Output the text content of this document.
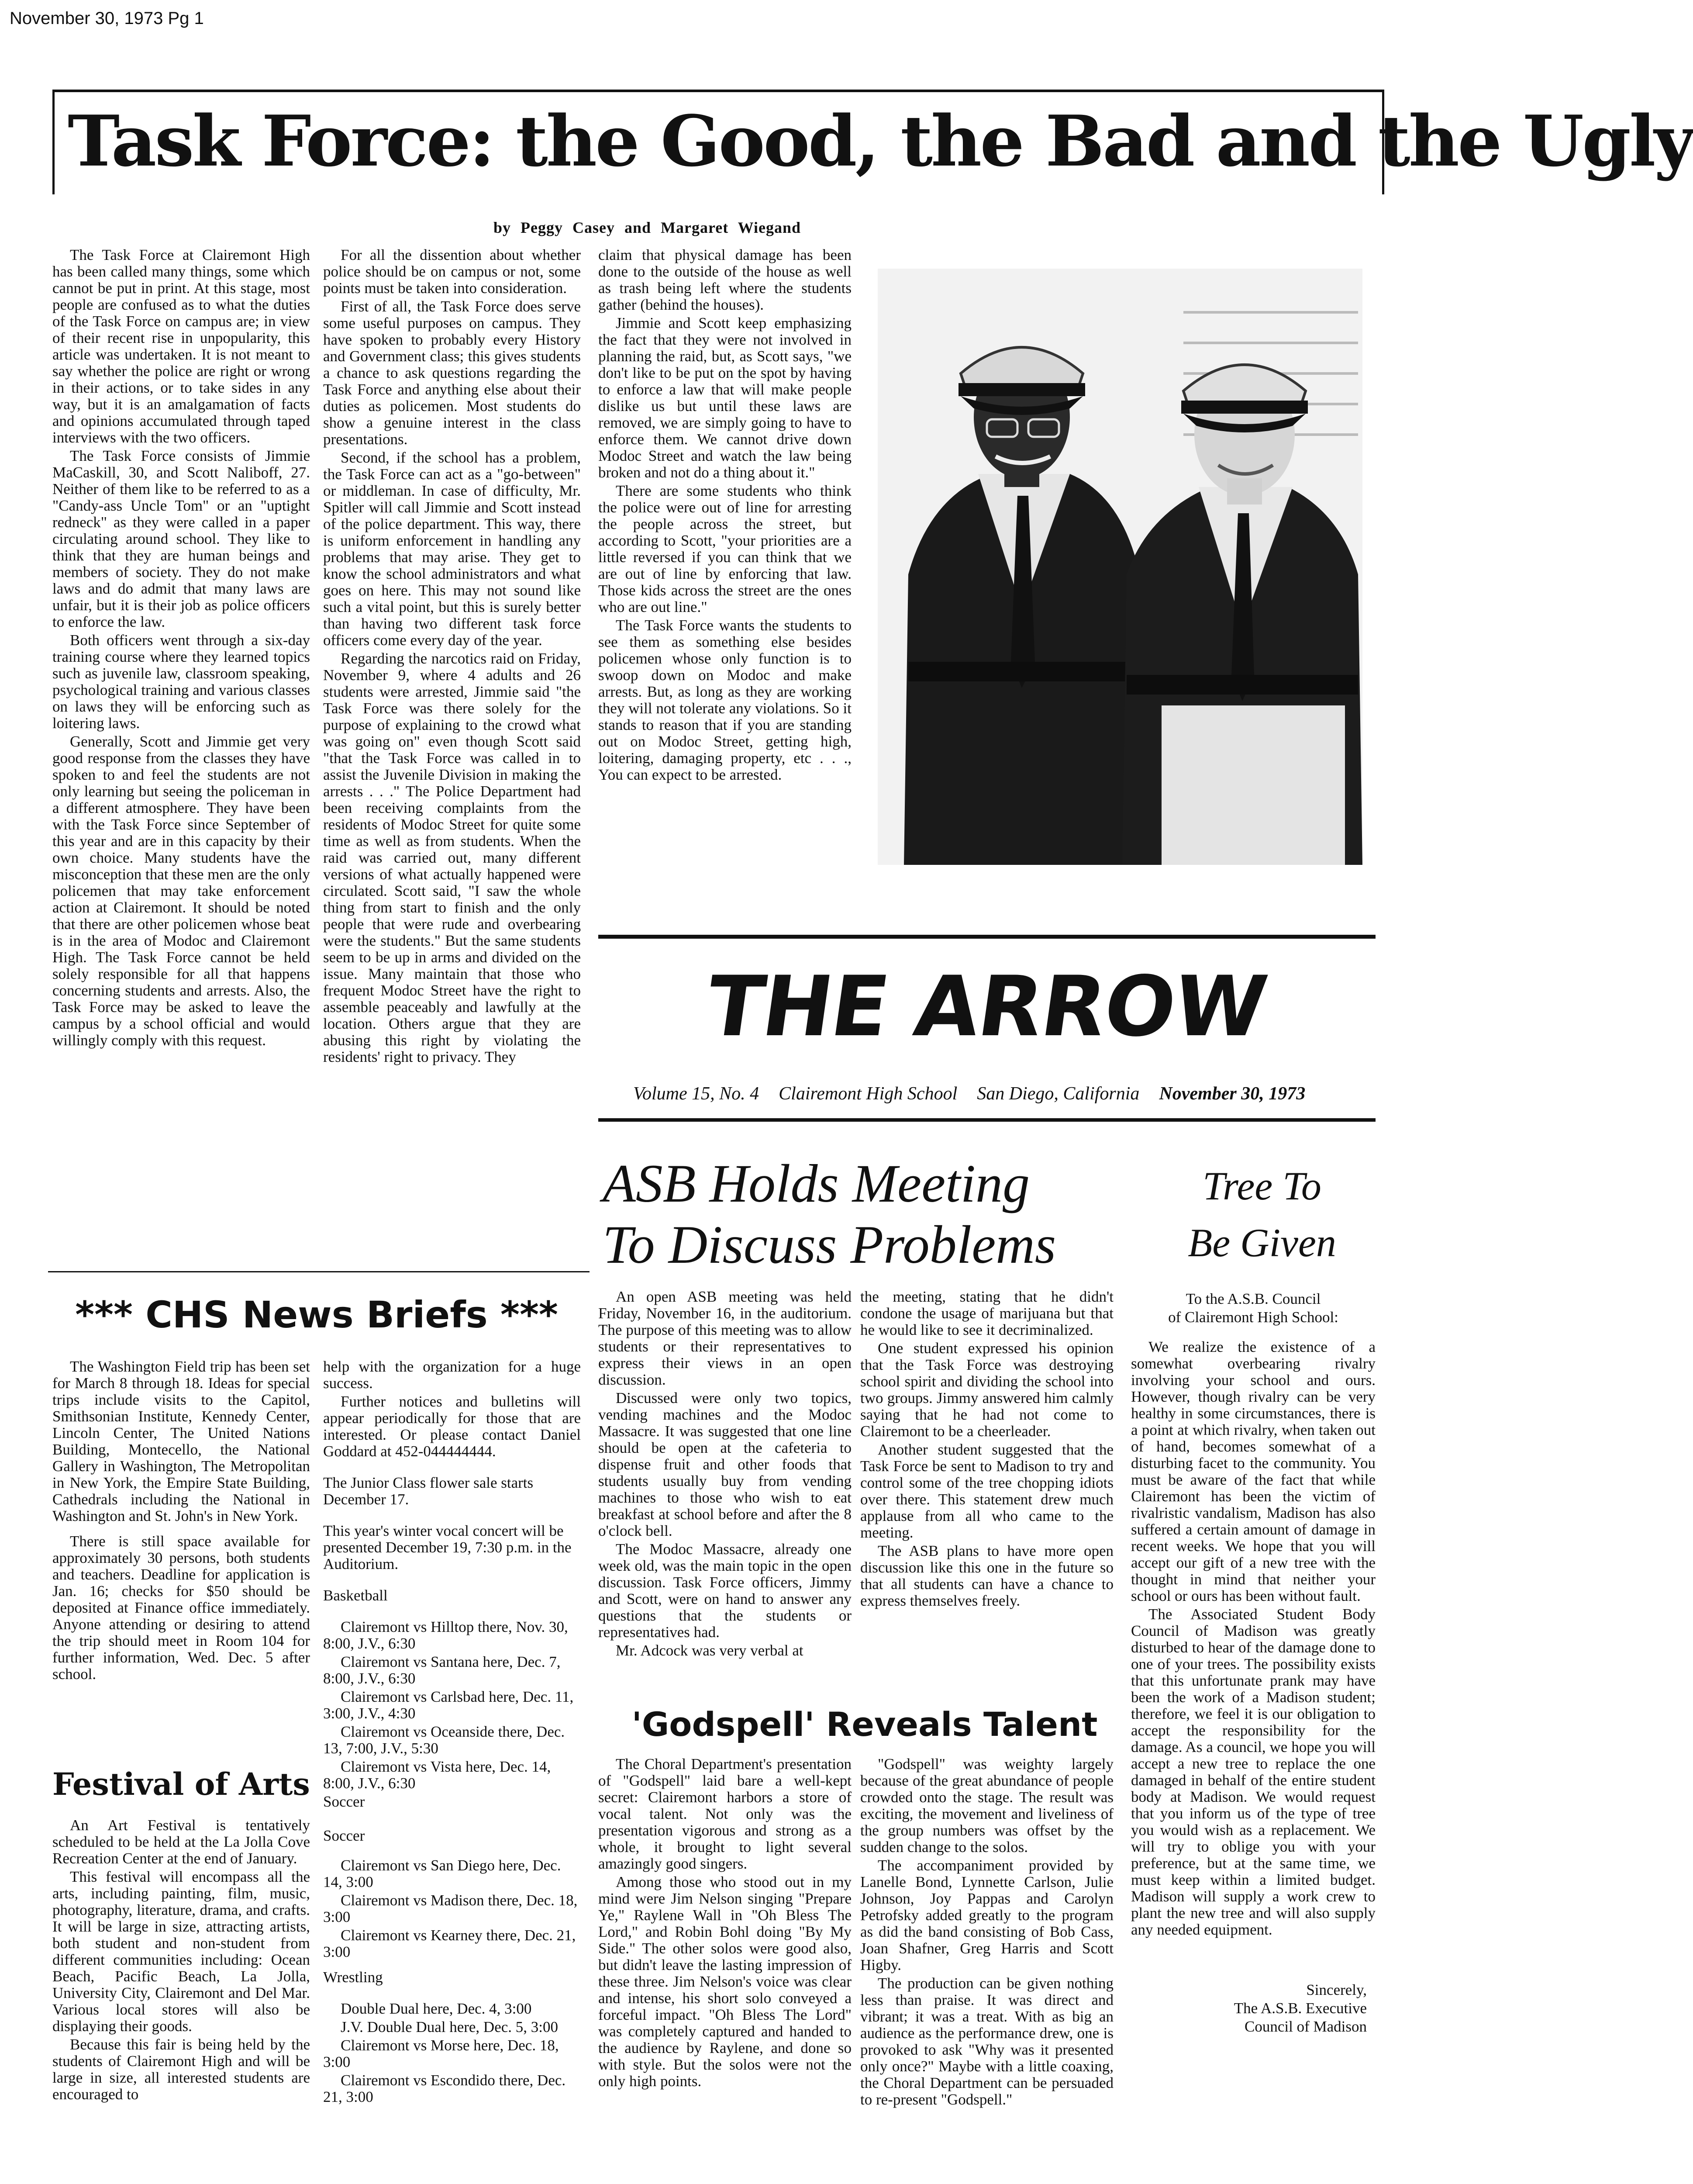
November 30, 1973 Pg 1
Task Force: the Good, the Bad and the Ugly
by Peggy Casey and Margaret Wiegand

The Task Force at Clairemont High has been called many things, some which cannot be put in print. At this stage, most people are confused as to what the duties of the Task Force on campus are; in view of their recent rise in unpopularity, this article was undertaken. It is not meant to say whether the police are right or wrong in their actions, or to take sides in any way, but it is an amalgamation of facts and opinions accumulated through taped interviews with the two officers.

The Task Force consists of Jimmie MaCaskill, 30, and Scott Naliboff, 27. Neither of them like to be referred to as a "Candy-ass Uncle Tom" or an "uptight redneck" as they were called in a paper circulating around school. They like to think that they are human beings and members of society. They do not make laws and do admit that many laws are unfair, but it is their job as police officers to enforce the law.

Both officers went through a six-day training course where they learned topics such as juvenile law, classroom speaking, psychological training and various classes on laws they will be enforcing such as loitering laws.

Generally, Scott and Jimmie get very good response from the classes they have spoken to and feel the students are not only learning but seeing the policeman in a different atmosphere. They have been with the Task Force since September of this year and are in this capacity by their own choice. Many students have the misconception that these men are the only policemen that may take enforcement action at Clairemont. It should be noted that there are other policemen whose beat is in the area of Modoc and Clairemont High. The Task Force cannot be held solely responsible for all that happens concerning students and arrests. Also, the Task Force may be asked to leave the campus by a school official and would willingly comply with this request.

For all the dissention about whether police should be on campus or not, some points must be taken into consideration.

First of all, the Task Force does serve some useful purposes on campus. They have spoken to probably every History and Government class; this gives students a chance to ask questions regarding the Task Force and anything else about their duties as policemen. Most students do show a genuine interest in the class presentations.

Second, if the school has a problem, the Task Force can act as a "go-between" or middleman. In case of difficulty, Mr. Spitler will call Jimmie and Scott instead of the police department. This way, there is uniform enforcement in handling any problems that may arise. They get to know the school administrators and what goes on here. This may not sound like such a vital point, but this is surely better than having two different task force officers come every day of the year.

Regarding the narcotics raid on Friday, November 9, where 4 adults and 26 students were arrested, Jimmie said "the Task Force was there solely for the purpose of explaining to the crowd what was going on" even though Scott said "that the Task Force was called in to assist the Juvenile Division in making the arrests . . ." The Police Department had been receiving complaints from the residents of Modoc Street for quite some time as well as from students. When the raid was carried out, many different versions of what actually happened were circulated. Scott said, "I saw the whole thing from start to finish and the only people that were rude and overbearing were the students." But the same students seem to be up in arms and divided on the issue. Many maintain that those who frequent Modoc Street have the right to assemble peaceably and lawfully at the location. Others argue that they are abusing this right by violating the residents' right to privacy. They

claim that physical damage has been done to the outside of the house as well as trash being left where the students gather (behind the houses).

Jimmie and Scott keep emphasizing the fact that they were not involved in planning the raid, but, as Scott says, "we don't like to be put on the spot by having to enforce a law that will make people dislike us but until these laws are removed, we are simply going to have to enforce them. We cannot drive down Modoc Street and watch the law being broken and not do a thing about it."

There are some students who think the police were out of line for arresting the people across the street, but according to Scott, "your priorities are a little reversed if you can think that we are out of line by enforcing that law. Those kids across the street are the ones who are out line."

The Task Force wants the students to see them as something else besides policemen whose only function is to swoop down on Modoc and make arrests. But, as long as they are working they will not tolerate any violations. So it stands to reason that if you are standing out on Modoc Street, getting high, loitering, damaging property, etc . . ., You can expect to be arrested.

THE ARROW
Volume 15, No. 4 Clairemont High School San Diego, California November 30, 1973
ASB Holds Meeting
To Discuss Problems
Tree To
Be Given
*** CHS News Briefs ***

The Washington Field trip has been set for March 8 through 18. Ideas for special trips include visits to the Capitol, Smithsonian Institute, Kennedy Center, Lincoln Center, The United Nations Building, Montecello, the National Gallery in Washington, The Metropolitan in New York, the Empire State Building, Cathedrals including the National in Washington and St. John's in New York.

There is still space available for approximately 30 persons, both students and teachers. Deadline for application is Jan. 16; checks for $50 should be deposited at Finance office immediately. Anyone attending or desiring to attend the trip should meet in Room 104 for further information, Wed. Dec. 5 after school.

Festival of Arts

An Art Festival is tentatively scheduled to be held at the La Jolla Cove Recreation Center at the end of January.

This festival will encompass all the arts, including painting, film, music, photography, literature, drama, and crafts. It will be large in size, attracting artists, both student and non-student from different communities including: Ocean Beach, Pacific Beach, La Jolla, University City, Clairemont and Del Mar. Various local stores will also be displaying their goods.

Because this fair is being held by the students of Clairemont High and will be large in size, all interested students are encouraged to

help with the organization for a huge success.

Further notices and bulletins will appear periodically for those that are interested. Or please contact Daniel Goddard at 452-044444444.

The Junior Class flower sale starts December 17.

This year's winter vocal concert will be presented December 19, 7:30 p.m. in the Auditorium.

Basketball

Clairemont vs Hilltop there, Nov. 30, 8:00, J.V., 6:30

Clairemont vs Santana here, Dec. 7, 8:00, J.V., 6:30

Clairemont vs Carlsbad here, Dec. 11, 3:00, J.V., 4:30

Clairemont vs Oceanside there, Dec. 13, 7:00, J.V., 5:30

Clairemont vs Vista here, Dec. 14, 8:00, J.V., 6:30

Soccer

Soccer

Clairemont vs San Diego here, Dec. 14, 3:00

Clairemont vs Madison there, Dec. 18, 3:00

Clairemont vs Kearney there, Dec. 21, 3:00

Wrestling

Double Dual here, Dec. 4, 3:00

J.V. Double Dual here, Dec. 5, 3:00

Clairemont vs Morse here, Dec. 18, 3:00

Clairemont vs Escondido there, Dec. 21, 3:00

An open ASB meeting was held Friday, November 16, in the auditorium. The purpose of this meeting was to allow students or their representatives to express their views in an open discussion.

Discussed were only two topics, vending machines and the Modoc Massacre. It was suggested that one line should be open at the cafeteria to dispense fruit and other foods that students usually buy from vending machines to those who wish to eat breakfast at school before and after the 8 o'clock bell.

The Modoc Massacre, already one week old, was the main topic in the open discussion. Task Force officers, Jimmy and Scott, were on hand to answer any questions that the students or representatives had.

Mr. Adcock was very verbal at

the meeting, stating that he didn't condone the usage of marijuana but that he would like to see it decriminalized.

One student expressed his opinion that the Task Force was destroying school spirit and dividing the school into two groups. Jimmy answered him calmly saying that he had not come to Clairemont to be a cheerleader.

Another student suggested that the Task Force be sent to Madison to try and control some of the tree chopping idiots over there. This statement drew much applause from all who came to the meeting.

The ASB plans to have more open discussion like this one in the future so that all students can have a chance to express themselves freely.

'Godspell' Reveals Talent

The Choral Department's presentation of "Godspell" laid bare a well-kept secret: Clairemont harbors a store of vocal talent. Not only was the presentation vigorous and strong as a whole, it brought to light several amazingly good singers.

Among those who stood out in my mind were Jim Nelson singing "Prepare Ye," Raylene Wall in "Oh Bless The Lord," and Robin Bohl doing "By My Side." The other solos were good also, but didn't leave the lasting impression of these three. Jim Nelson's voice was clear and intense, his short solo conveyed a forceful impact. "Oh Bless The Lord" was completely captured and handed to the audience by Raylene, and done so with style. But the solos were not the only high points.

"Godspell" was weighty largely because of the great abundance of people crowded onto the stage. The result was exciting, the movement and liveliness of the group numbers was offset by the sudden change to the solos.

The accompaniment provided by Lanelle Bond, Lynnette Carlson, Julie Johnson, Joy Pappas and Carolyn Petrofsky added greatly to the program as did the band consisting of Bob Cass, Joan Shafner, Greg Harris and Scott Higby.

The production can be given nothing less than praise. It was direct and vibrant; it was a treat. With as big an audience as the performance drew, one is provoked to ask "Why was it presented only once?" Maybe with a little coaxing, the Choral Department can be persuaded to re-present "Godspell."

To the A.S.B. Council

of Clairemont High School:

We realize the existence of a somewhat overbearing rivalry involving your school and ours. However, though rivalry can be very healthy in some circumstances, there is a point at which rivalry, when taken out of hand, becomes somewhat of a disturbing facet to the community. You must be aware of the fact that while Clairemont has been the victim of rivalristic vandalism, Madison has also suffered a certain amount of damage in recent weeks. We hope that you will accept our gift of a new tree with the thought in mind that neither your school or ours has been without fault.

The Associated Student Body Council of Madison was greatly disturbed to hear of the damage done to one of your trees. The possibility exists that this unfortunate prank may have been the work of a Madison student; therefore, we feel it is our obligation to accept the responsibility for the damage. As a council, we hope you will accept a new tree to replace the one damaged in behalf of the entire student body at Madison. We would request that you inform us of the type of tree you would wish as a replacement. We will try to oblige you with your preference, but at the same time, we must keep within a limited budget. Madison will supply a work crew to plant the new tree and will also supply any needed equipment.

Sincerely,

The A.S.B. Executive

Council of Madison
